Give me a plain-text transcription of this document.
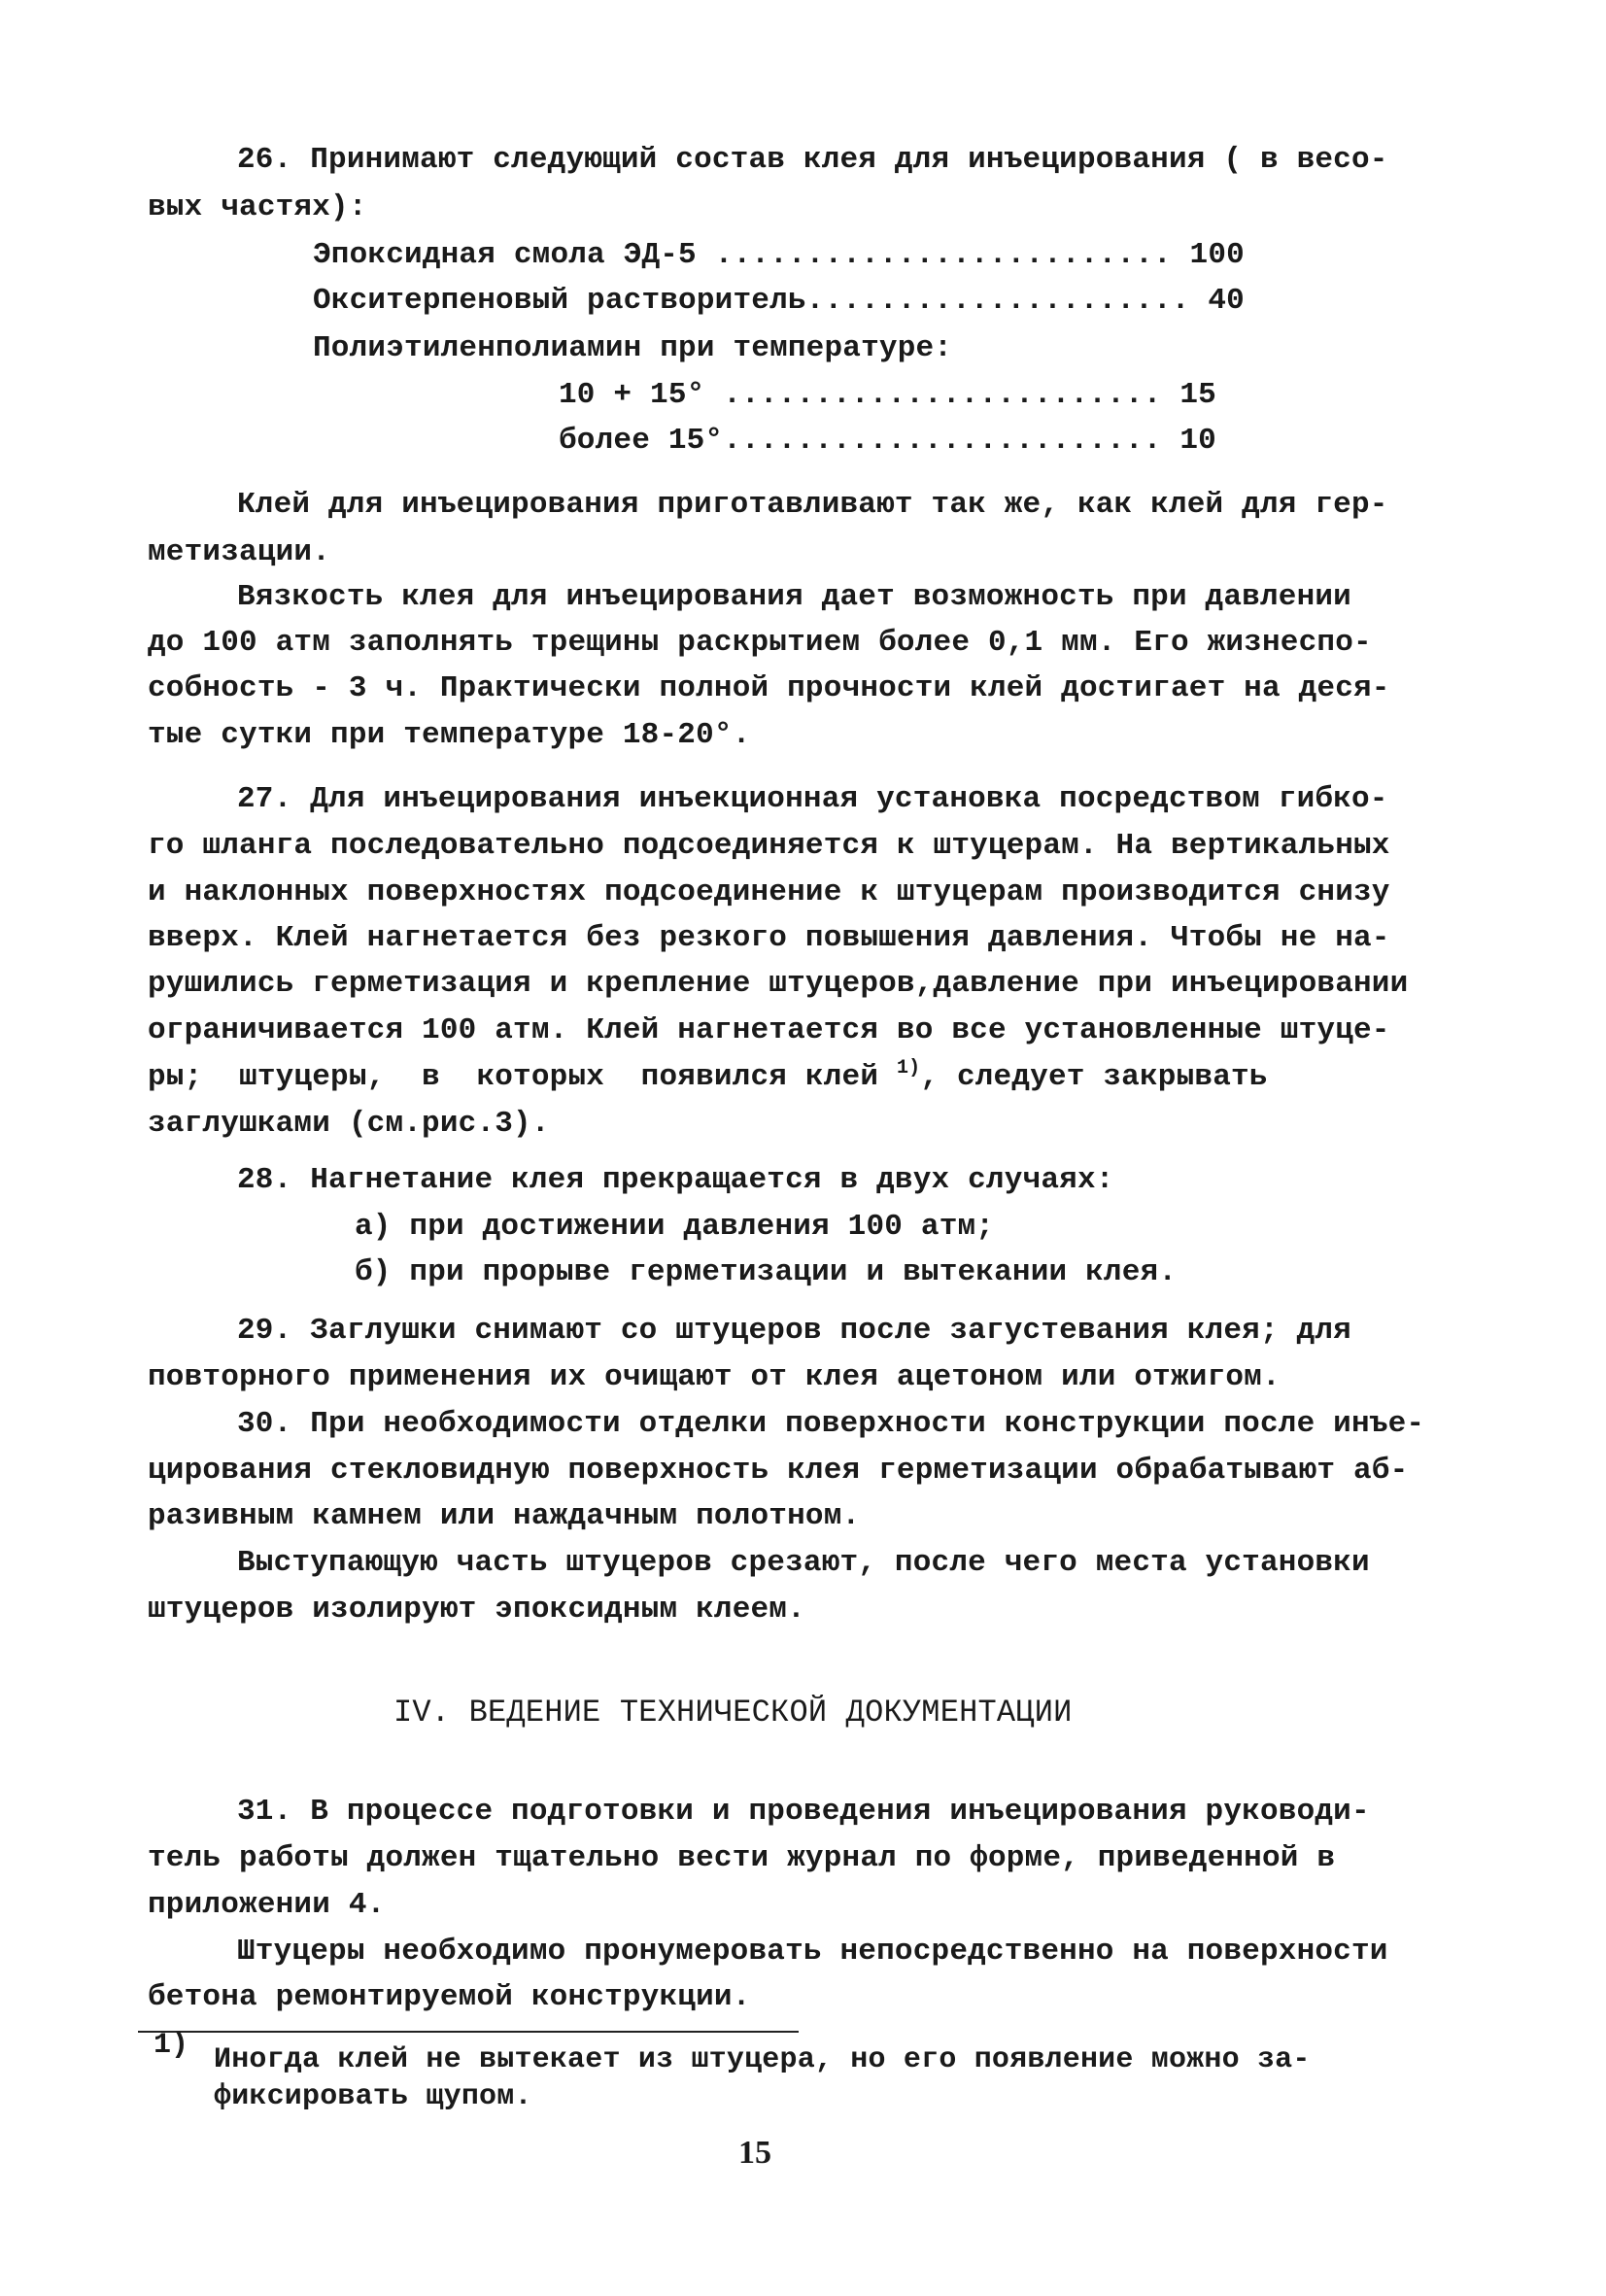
26. Принимают следующий состав клея для инъецирования ( в весо-
вых частях):
Эпоксидная смола ЭД-5 ......................... 100
Окситерпеновый растворитель..................... 40
Полиэтиленполиамин при температуре:
10 + 15° ........................ 15
более 15°........................ 10
Клей для инъецирования приготавливают так же, как клей для гер-
метизации.
Вязкость клея для инъецирования дает возможность при давлении
до 100 атм заполнять трещины раскрытием более 0,1 мм. Его жизнеспо-
собность - 3 ч. Практически полной прочности клей достигает на деся-
тые сутки при температуре 18-20°.
27. Для инъецирования инъекционная установка посредством гибко-
го шланга последовательно подсоединяется к штуцерам. На вертикальных
и наклонных поверхностях подсоединение к штуцерам производится снизу
вверх. Клей нагнетается без резкого повышения давления. Чтобы не на-
рушились герметизация и крепление штуцеров,давление при инъецировании
ограничивается 100 атм. Клей нагнетается во все установленные штуце-
ры;  штуцеры,  в  которых  появился клей $^{1)}$, следует закрывать
заглушками (см.рис.3).
28. Нагнетание клея прекращается в двух случаях:
а) при достижении давления 100 атм;
б) при прорыве герметизации и вытекании клея.
29. Заглушки снимают со штуцеров после загустевания клея; для
повторного применения их очищают от клея ацетоном или отжигом.
30. При необходимости отделки поверхности конструкции после инъе-
цирования стекловидную поверхность клея герметизации обрабатывают аб-
разивным камнем или наждачным полотном.
Выступающую часть штуцеров срезают, после чего места установки
штуцеров изолируют эпоксидным клеем.
IV. ВЕДЕНИЕ ТЕХНИЧЕСКОЙ ДОКУМЕНТАЦИИ
31. В процессе подготовки и проведения инъецирования руководи-
тель работы должен тщательно вести журнал по форме, приведенной в
приложении 4.
Штуцеры необходимо пронумеровать непосредственно на поверхности
бетона ремонтируемой конструкции.
1) Иногда клей не вытекает из штуцера, но его появление можно за-
фиксировать щупом.
15
